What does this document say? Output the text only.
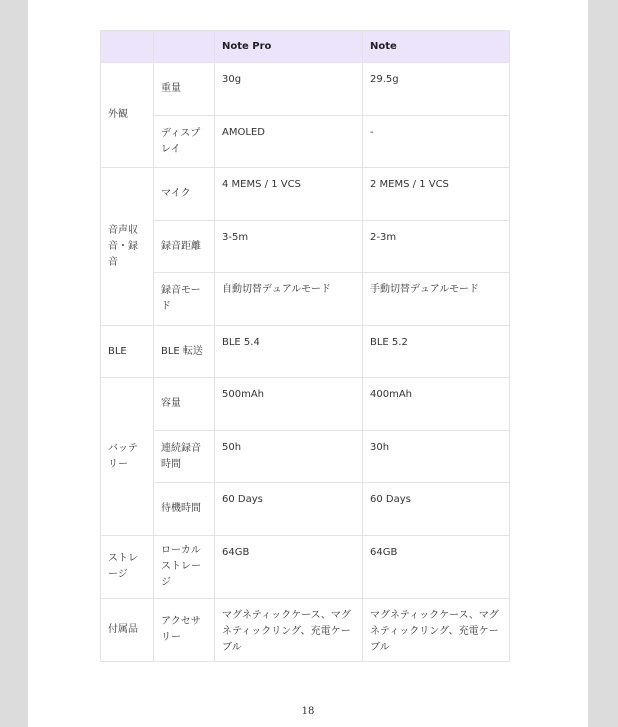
		Note Pro	Note
外観	重量	30g	29.5g
	ディスプレイ	AMOLED	-
音声収音・録音	マイク	4 MEMS / 1 VCS	2 MEMS / 1 VCS
	録音距離	3-5m	2-3m
	録音モード	自動切替デュアルモード	手動切替デュアルモード
BLE	BLE 転送	BLE 5.4	BLE 5.2
バッテリー	容量	500mAh	400mAh
	連続録音時間	50h	30h
	待機時間	60 Days	60 Days
ストレージ	ローカルストレージ	64GB	64GB
付属品	アクセサリー	マグネティックケース、マグネティックリング、充電ケーブル	マグネティックケース、マグネティックリング、充電ケーブル
18
